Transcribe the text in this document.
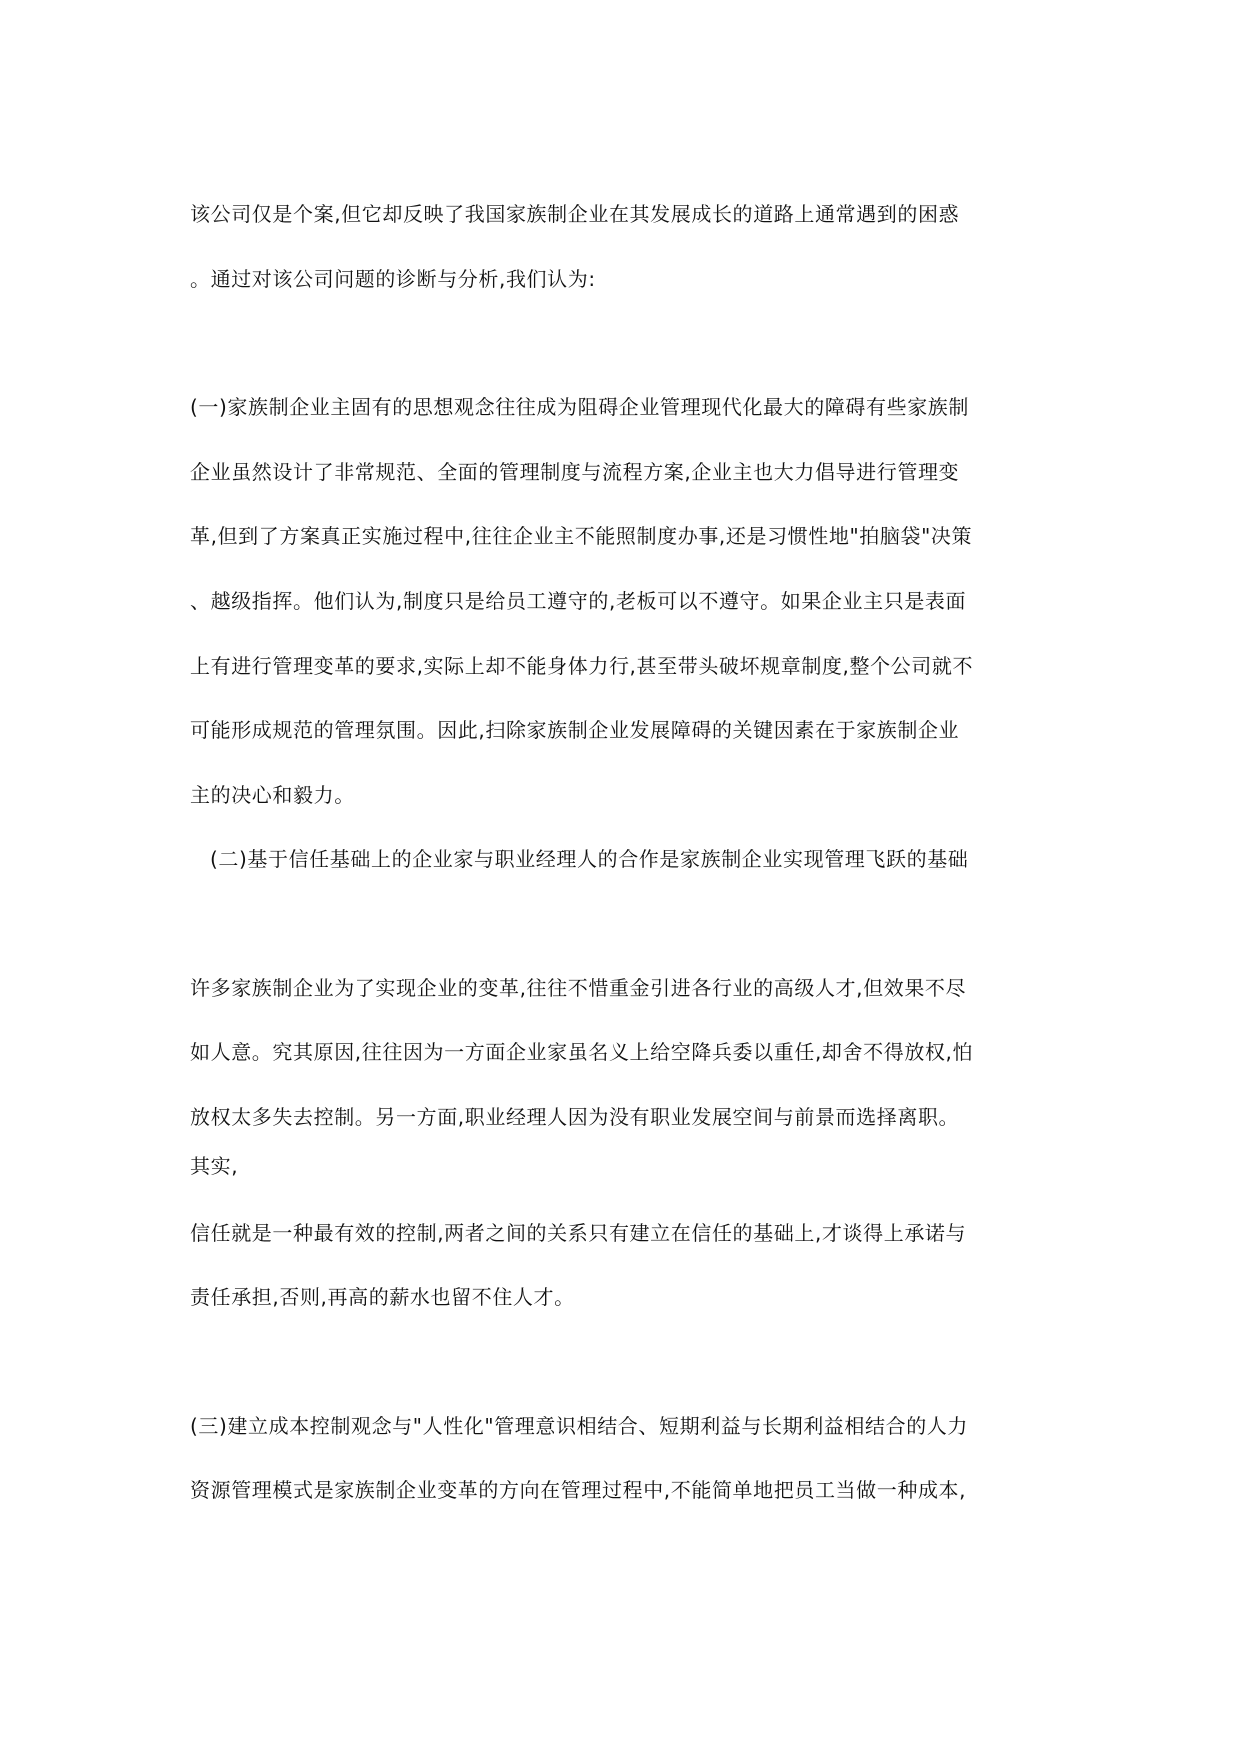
该公司仅是个案,但它却反映了我国家族制企业在其发展成长的道路上通常遇到的困惑
。通过对该公司问题的诊断与分析,我们认为:
(一)家族制企业主固有的思想观念往往成为阻碍企业管理现代化最大的障碍有些家族制
企业虽然设计了非常规范、全面的管理制度与流程方案,企业主也大力倡导进行管理变
革,但到了方案真正实施过程中,往往企业主不能照制度办事,还是习惯性地"拍脑袋"决策
、越级指挥。他们认为,制度只是给员工遵守的,老板可以不遵守。如果企业主只是表面
上有进行管理变革的要求,实际上却不能身体力行,甚至带头破坏规章制度,整个公司就不
可能形成规范的管理氛围。因此,扫除家族制企业发展障碍的关键因素在于家族制企业
主的决心和毅力。
(二)基于信任基础上的企业家与职业经理人的合作是家族制企业实现管理飞跃的基础
许多家族制企业为了实现企业的变革,往往不惜重金引进各行业的高级人才,但效果不尽
如人意。究其原因,往往因为一方面企业家虽名义上给空降兵委以重任,却舍不得放权,怕
放权太多失去控制。另一方面,职业经理人因为没有职业发展空间与前景而选择离职。
其实,
信任就是一种最有效的控制,两者之间的关系只有建立在信任的基础上,才谈得上承诺与
责任承担,否则,再高的薪水也留不住人才。
(三)建立成本控制观念与"人性化"管理意识相结合、短期利益与长期利益相结合的人力
资源管理模式是家族制企业变革的方向在管理过程中,不能简单地把员工当做一种成本,
